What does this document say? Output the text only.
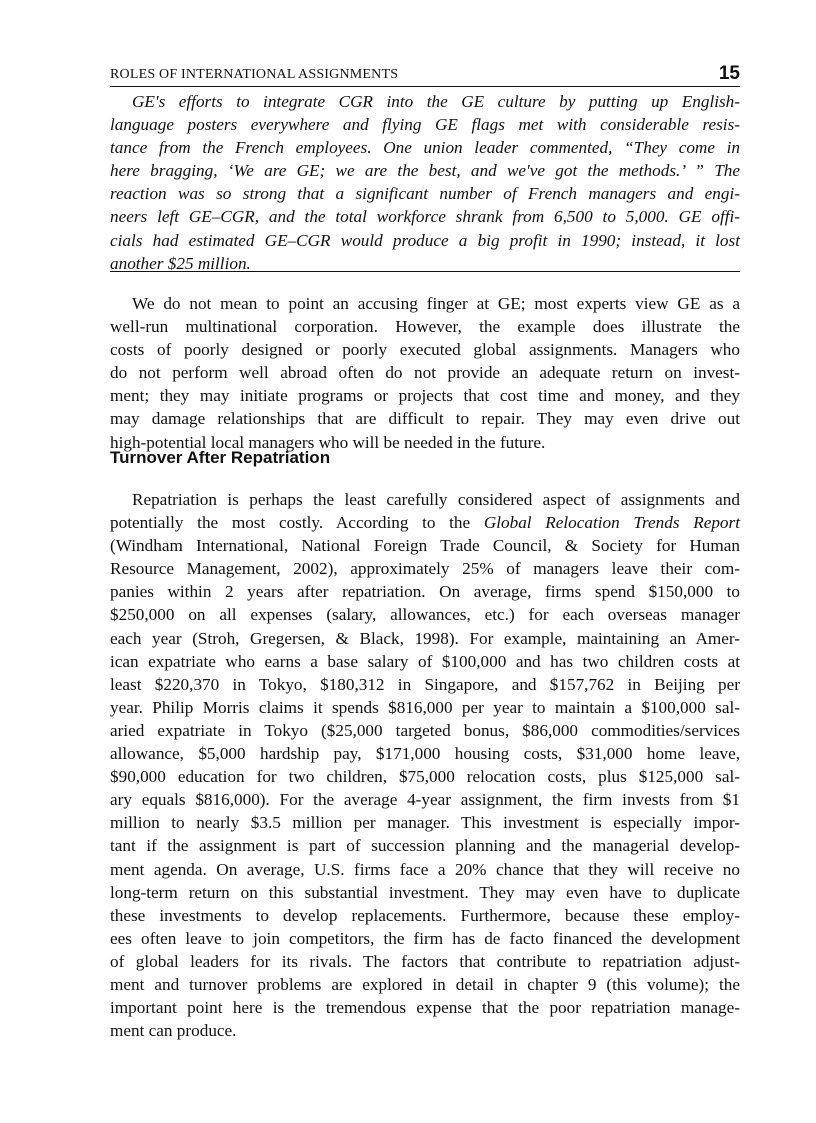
ROLES OF INTERNATIONAL ASSIGNMENTS	15
GE's efforts to integrate CGR into the GE culture by putting up English-
language posters everywhere and flying GE flags met with considerable resis-
tance from the French employees. One union leader commented, “They come in
here bragging, ‘We are GE; we are the best, and we've got the methods.’ ” The
reaction was so strong that a significant number of French managers and engi-
neers left GE–CGR, and the total workforce shrank from 6,500 to 5,000. GE offi-
cials had estimated GE–CGR would produce a big profit in 1990; instead, it lost
another $25 million.
We do not mean to point an accusing finger at GE; most experts view GE as a
well-run multinational corporation. However, the example does illustrate the
costs of poorly designed or poorly executed global assignments. Managers who
do not perform well abroad often do not provide an adequate return on invest-
ment; they may initiate programs or projects that cost time and money, and they
may damage relationships that are difficult to repair. They may even drive out
high-potential local managers who will be needed in the future.
Turnover After Repatriation
Repatriation is perhaps the least carefully considered aspect of assignments and
potentially the most costly. According to the Global Relocation Trends Report
(Windham International, National Foreign Trade Council, & Society for Human
Resource Management, 2002), approximately 25% of managers leave their com-
panies within 2 years after repatriation. On average, firms spend $150,000 to
$250,000 on all expenses (salary, allowances, etc.) for each overseas manager
each year (Stroh, Gregersen, & Black, 1998). For example, maintaining an Amer-
ican expatriate who earns a base salary of $100,000 and has two children costs at
least $220,370 in Tokyo, $180,312 in Singapore, and $157,762 in Beijing per
year. Philip Morris claims it spends $816,000 per year to maintain a $100,000 sal-
aried expatriate in Tokyo ($25,000 targeted bonus, $86,000 commodities/services
allowance, $5,000 hardship pay, $171,000 housing costs, $31,000 home leave,
$90,000 education for two children, $75,000 relocation costs, plus $125,000 sal-
ary equals $816,000). For the average 4-year assignment, the firm invests from $1
million to nearly $3.5 million per manager. This investment is especially impor-
tant if the assignment is part of succession planning and the managerial develop-
ment agenda. On average, U.S. firms face a 20% chance that they will receive no
long-term return on this substantial investment. They may even have to duplicate
these investments to develop replacements. Furthermore, because these employ-
ees often leave to join competitors, the firm has de facto financed the development
of global leaders for its rivals. The factors that contribute to repatriation adjust-
ment and turnover problems are explored in detail in chapter 9 (this volume); the
important point here is the tremendous expense that the poor repatriation manage-
ment can produce.
